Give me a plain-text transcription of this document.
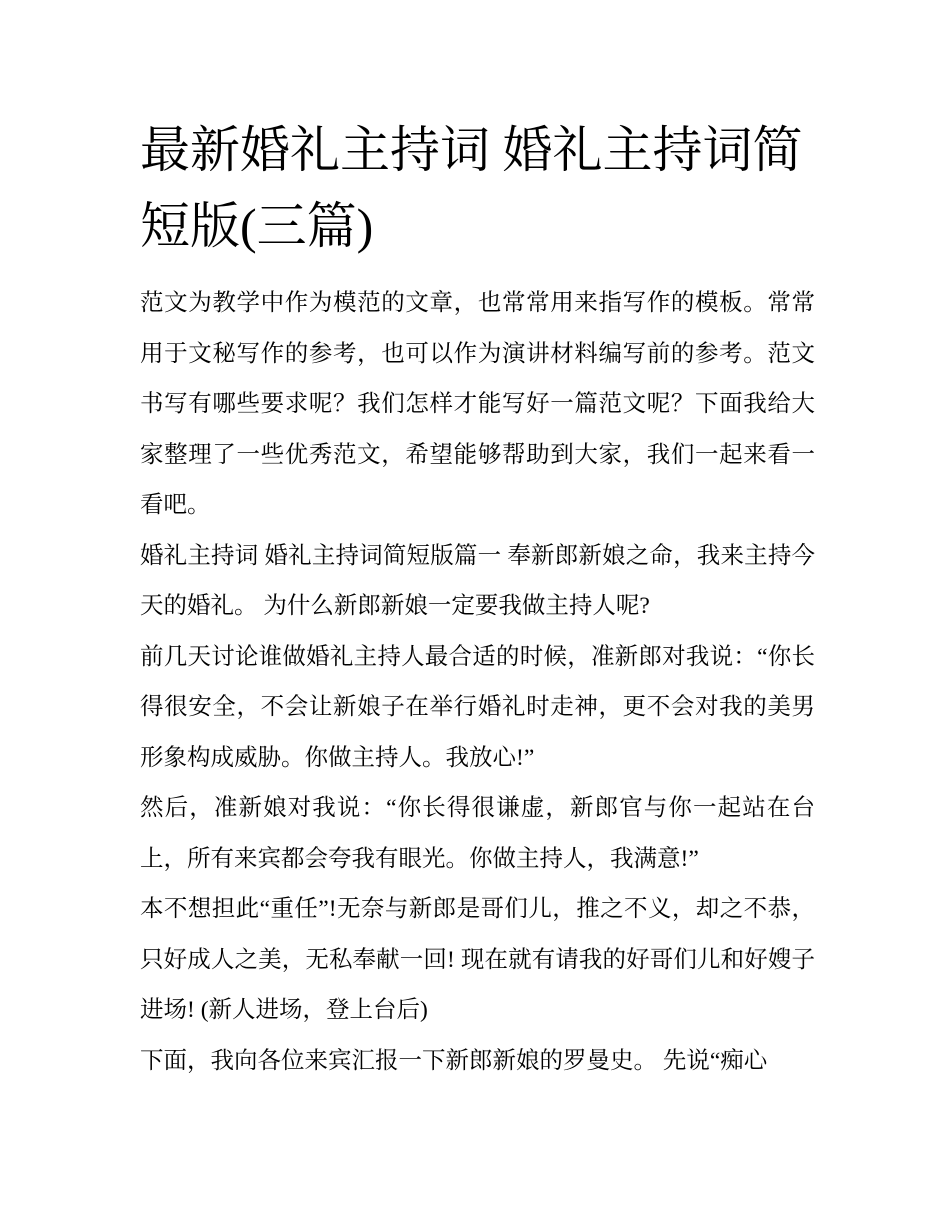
最新婚礼主持词 婚礼主持词简短版(三篇)

范文为教学中作为模范的文章，也常常用来指写作的模板。常常用于文秘写作的参考，也可以作为演讲材料编写前的参考。范文书写有哪些要求呢？我们怎样才能写好一篇范文呢？下面我给大家整理了一些优秀范文，希望能够帮助到大家，我们一起来看一看吧。

婚礼主持词 婚礼主持词简短版篇一 奉新郎新娘之命，我来主持今天的婚礼。 为什么新郎新娘一定要我做主持人呢?

前几天讨论谁做婚礼主持人最合适的时候，准新郎对我说：“你长得很安全，不会让新娘子在举行婚礼时走神，更不会对我的美男形象构成威胁。你做主持人。我放心!”

然后，准新娘对我说：“你长得很谦虚，新郎官与你一起站在台上，所有来宾都会夸我有眼光。你做主持人，我满意!”

本不想担此“重任”!无奈与新郎是哥们儿，推之不义，却之不恭，只好成人之美，无私奉献一回! 现在就有请我的好哥们儿和好嫂子进场! (新人进场，登上台后)

下面，我向各位来宾汇报一下新郎新娘的罗曼史。 先说“痴心
